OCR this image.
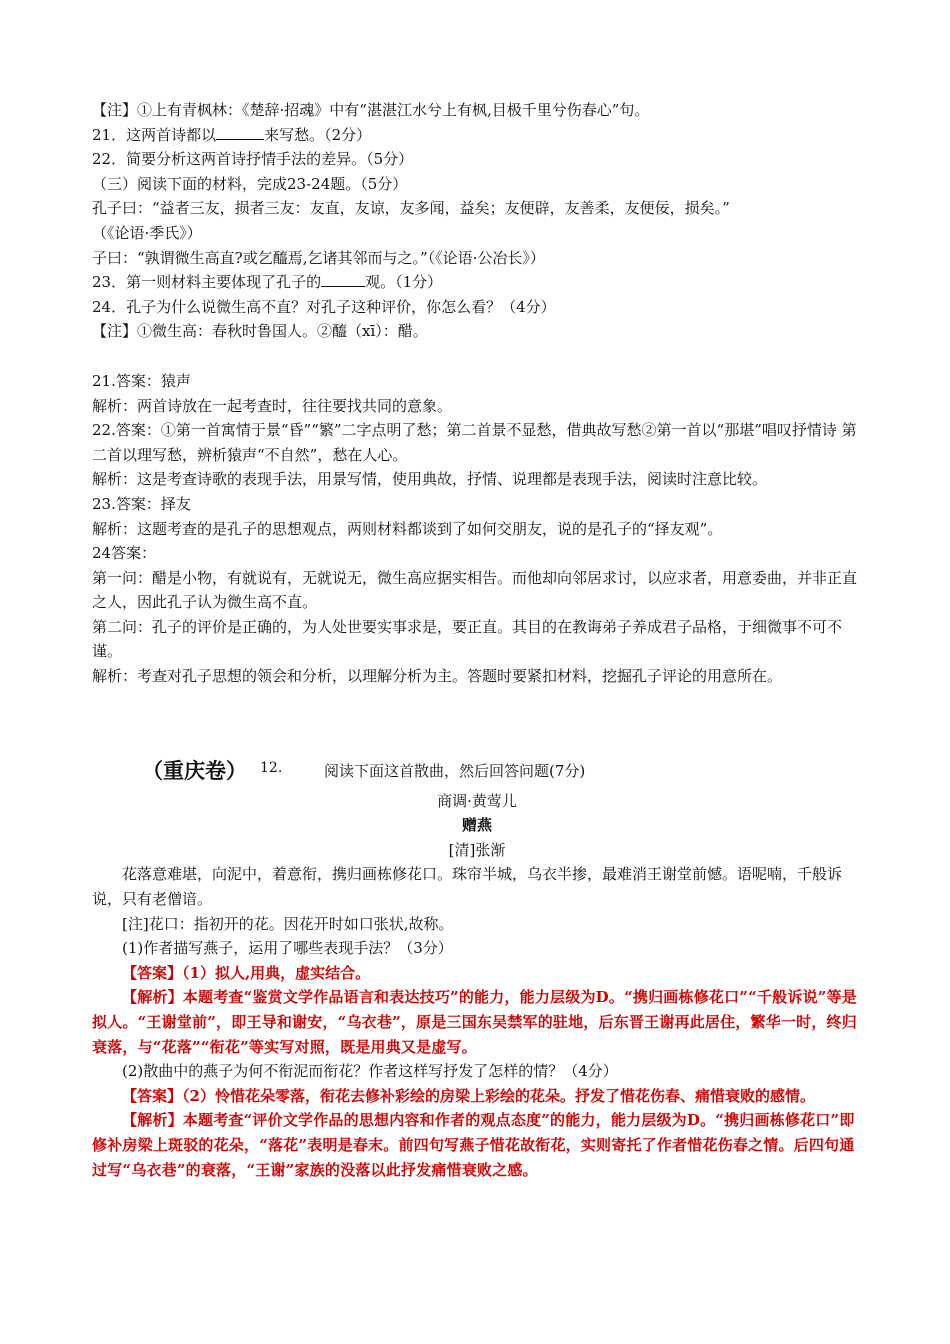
【注】①上有青枫林：《楚辞·招魂》中有“湛湛江水兮上有枫,目极千里兮伤春心”句。
21．这两首诗都以	来写愁。（2分）
22．简要分析这两首诗抒情手法的差异。（5分）
（三）阅读下面的材料，完成23-24题。（5分）
孔子曰：“益者三友，损者三友：友直，友谅，友多闻，益矣；友便辟，友善柔，友便佞，损矣。”
（《论语·季氏》）
子曰：“孰谓微生高直?或乞醯焉,乞诸其邻而与之。”（《论语·公冶长》）
23．第一则材料主要体现了孔子的	观。（1分）
24．孔子为什么说微生高不直？对孔子这种评价，你怎么看？（4分）
【注】①微生高：春秋时鲁国人。②醯（xī）：醋。
21.答案：猿声
解析：两首诗放在一起考查时，往往要找共同的意象。
22.答案：①第一首寓情于景“昏”“繁”二字点明了愁；第二首景不显愁，借典故写愁②第一首以“那堪”唱叹抒情诗 第二首以理写愁，辨析猿声“不自然”，愁在人心。
解析：这是考查诗歌的表现手法，用景写情，使用典故，抒情、说理都是表现手法，阅读时注意比较。
23.答案：择友
解析：这题考查的是孔子的思想观点，两则材料都谈到了如何交朋友，说的是孔子的“择友观”。
24答案：
第一问：醋是小物，有就说有，无就说无，微生高应据实相告。而他却向邻居求讨，以应求者，用意委曲，并非正直之人，因此孔子认为微生高不直。
第二问：孔子的评价是正确的，为人处世要实事求是，要正直。其目的在教诲弟子养成君子品格，于细微事不可不谨。
解析：考查对孔子思想的领会和分析，以理解分析为主。答题时要紧扣材料，挖掘孔子评论的用意所在。
（重庆卷） 12.	阅读下面这首散曲，然后回答问题(7分)
商调·黄莺儿
赠燕
[清]张渐
花落意难堪，向泥中，着意衔，携归画栋修花口。珠帘半城，乌衣半掺，最难消王谢堂前憾。语呢喃，千般诉说，只有老僧谙。
[注]花口：指初开的花。因花开时如口张状,故称。
(1)作者描写燕子，运用了哪些表现手法？（3分）
【答案】（1）拟人,用典，虚实结合。
【解析】本题考查“鉴赏文学作品语言和表达技巧”的能力，能力层级为D。“携归画栋修花口”“千般诉说”等是拟人。“王谢堂前”，即王导和谢安，“乌衣巷”，原是三国东吴禁军的驻地，后东晋王谢再此居住，繁华一时，终归衰落，与“花落”“衔花”等实写对照，既是用典又是虚写。
(2)散曲中的燕子为何不衔泥而衔花？作者这样写抒发了怎样的情？（4分）
【答案】（2）怜惜花朵零落，衔花去修补彩绘的房梁上彩绘的花朵。抒发了惜花伤春、痛惜衰败的感情。
【解析】本题考查“评价文学作品的思想内容和作者的观点态度”的能力，能力层级为D。“携归画栋修花口”即修补房梁上斑驳的花朵，“落花”表明是春末。前四句写燕子惜花故衔花，实则寄托了作者惜花伤春之情。后四句通过写“乌衣巷”的衰落，“王谢”家族的没落以此抒发痛惜衰败之感。
